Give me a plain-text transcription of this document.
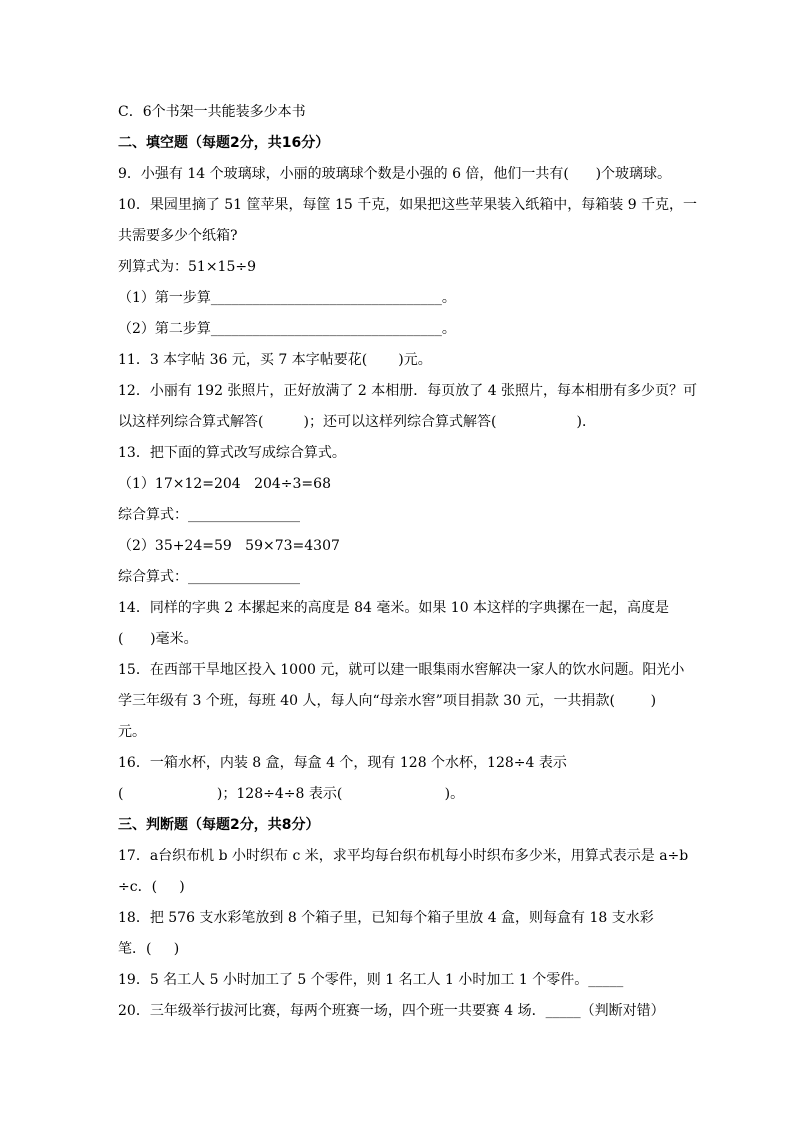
C．6个书架一共能装多少本书
二、填空题（每题2分，共16分）
9．小强有 14 个玻璃球，小丽的玻璃球个数是小强的 6 倍，他们一共有(      )个玻璃球。
10．果园里摘了 51 筐苹果，每筐 15 千克，如果把这些苹果装入纸箱中，每箱装 9 千克，一
共需要多少个纸箱?
列算式为：51×15÷9
（1）第一步算_________________________________。
（2）第二步算_________________________________。
11．3 本字帖 36 元，买 7 本字帖要花(       )元。
12．小丽有 192 张照片，正好放满了 2 本相册．每页放了 4 张照片，每本相册有多少页？可
以这样列综合算式解答(         )；还可以这样列综合算式解答(                  )．
13．把下面的算式改写成综合算式。
（1）17×12=204   204÷3=68
综合算式：________________
（2）35+24=59   59×73=4307
综合算式：________________
14．同样的字典 2 本摞起来的高度是 84 毫米。如果 10 本这样的字典摞在一起，高度是
(      )毫米。
15．在西部干旱地区投入 1000 元，就可以建一眼集雨水窖解决一家人的饮水问题。阳光小
学三年级有 3 个班，每班 40 人，每人向“母亲水窖”项目捐款 30 元，一共捐款(        )
元。
16．一箱水杯，内装 8 盒，每盒 4 个，现有 128 个水杯，128÷4 表示
(                     )；128÷4÷8 表示(                       )。
三、判断题（每题2分，共8分）
17．a台织布机 b 小时织布 c 米，求平均每台织布机每小时织布多少米，用算式表示是 a÷b
÷c．(     )
18．把 576 支水彩笔放到 8 个箱子里，已知每个箱子里放 4 盒，则每盒有 18 支水彩
笔．(     )
19．5 名工人 5 小时加工了 5 个零件，则 1 名工人 1 小时加工 1 个零件。_____
20．三年级举行拔河比赛，每两个班赛一场，四个班一共要赛 4 场．_____（判断对错）
